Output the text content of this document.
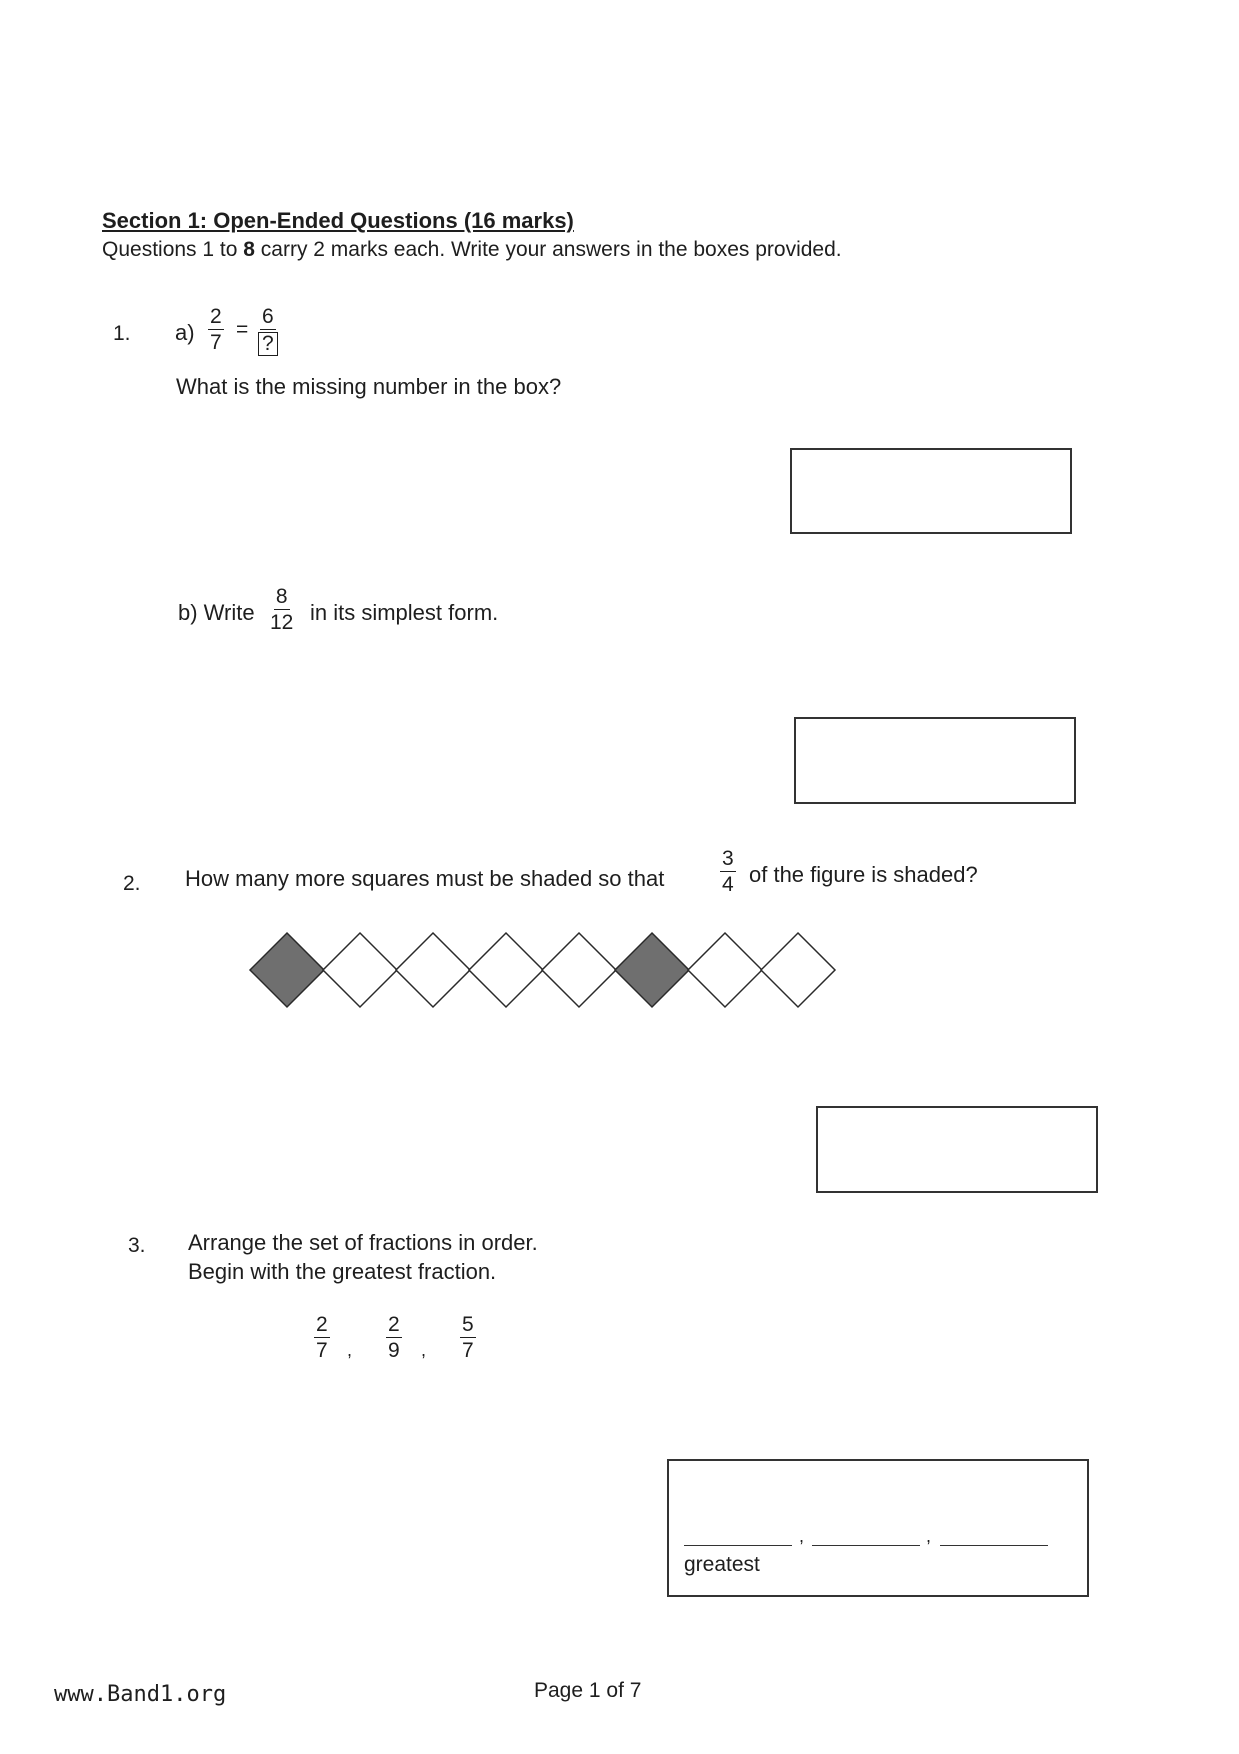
Section 1: Open-Ended Questions (16 marks)
Questions 1 to 8 carry 2 marks each. Write your answers in the boxes provided.
1. $a) \frac{2}{7}$ =
6
?
What is the missing number in the box?
b) Write $\frac{8}{12}$ in its simplest form.
2. How many more squares must be shaded so that	$\frac{3}{4}$ of the figure is shaded?
3. Arrange the set of fractions in order.
Begin with the greatest fraction.
$\frac{2}{7}$ , $\frac{2}{9}$ , $\frac{5}{7}$
,	,
greatest
www.Band1.org	Page 1 of 7
